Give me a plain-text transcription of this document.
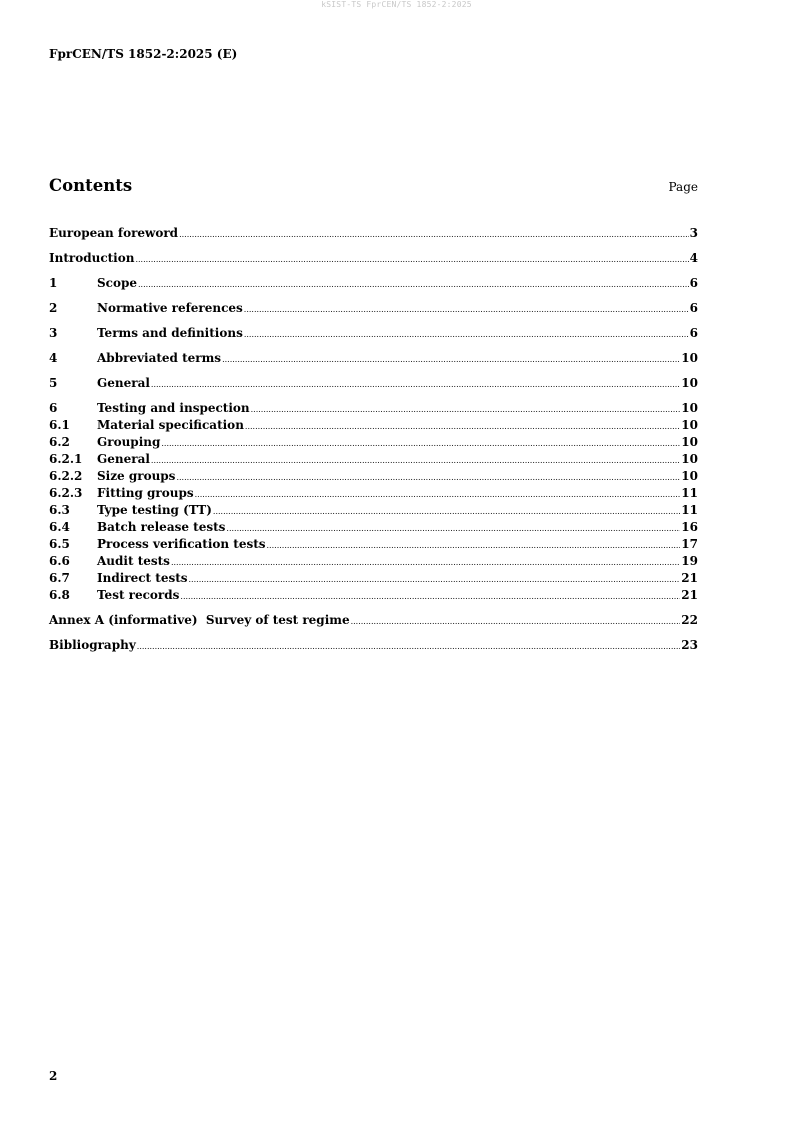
kSIST-TS FprCEN/TS 1852-2:2025
FprCEN/TS 1852-2:2025 (E)
Contents	Page
European foreword .....	3
Introduction .....	4
1	Scope .....	6
2	Normative references .....	6
3	Terms and definitions .....	6
4	Abbreviated terms .....	10
5	General .....	10
6	Testing and inspection .....	10
6.1	Material specification .....	10
6.2	Grouping .....	10
6.2.1	General .....	10
6.2.2	Size groups .....	10
6.2.3	Fitting groups .....	11
6.3	Type testing (TT) .....	11
6.4	Batch release tests .....	16
6.5	Process verification tests .....	17
6.6	Audit tests .....	19
6.7	Indirect tests .....	21
6.8	Test records .....	21
Annex A (informative)  Survey of test regime .....	22
Bibliography .....	23
2
